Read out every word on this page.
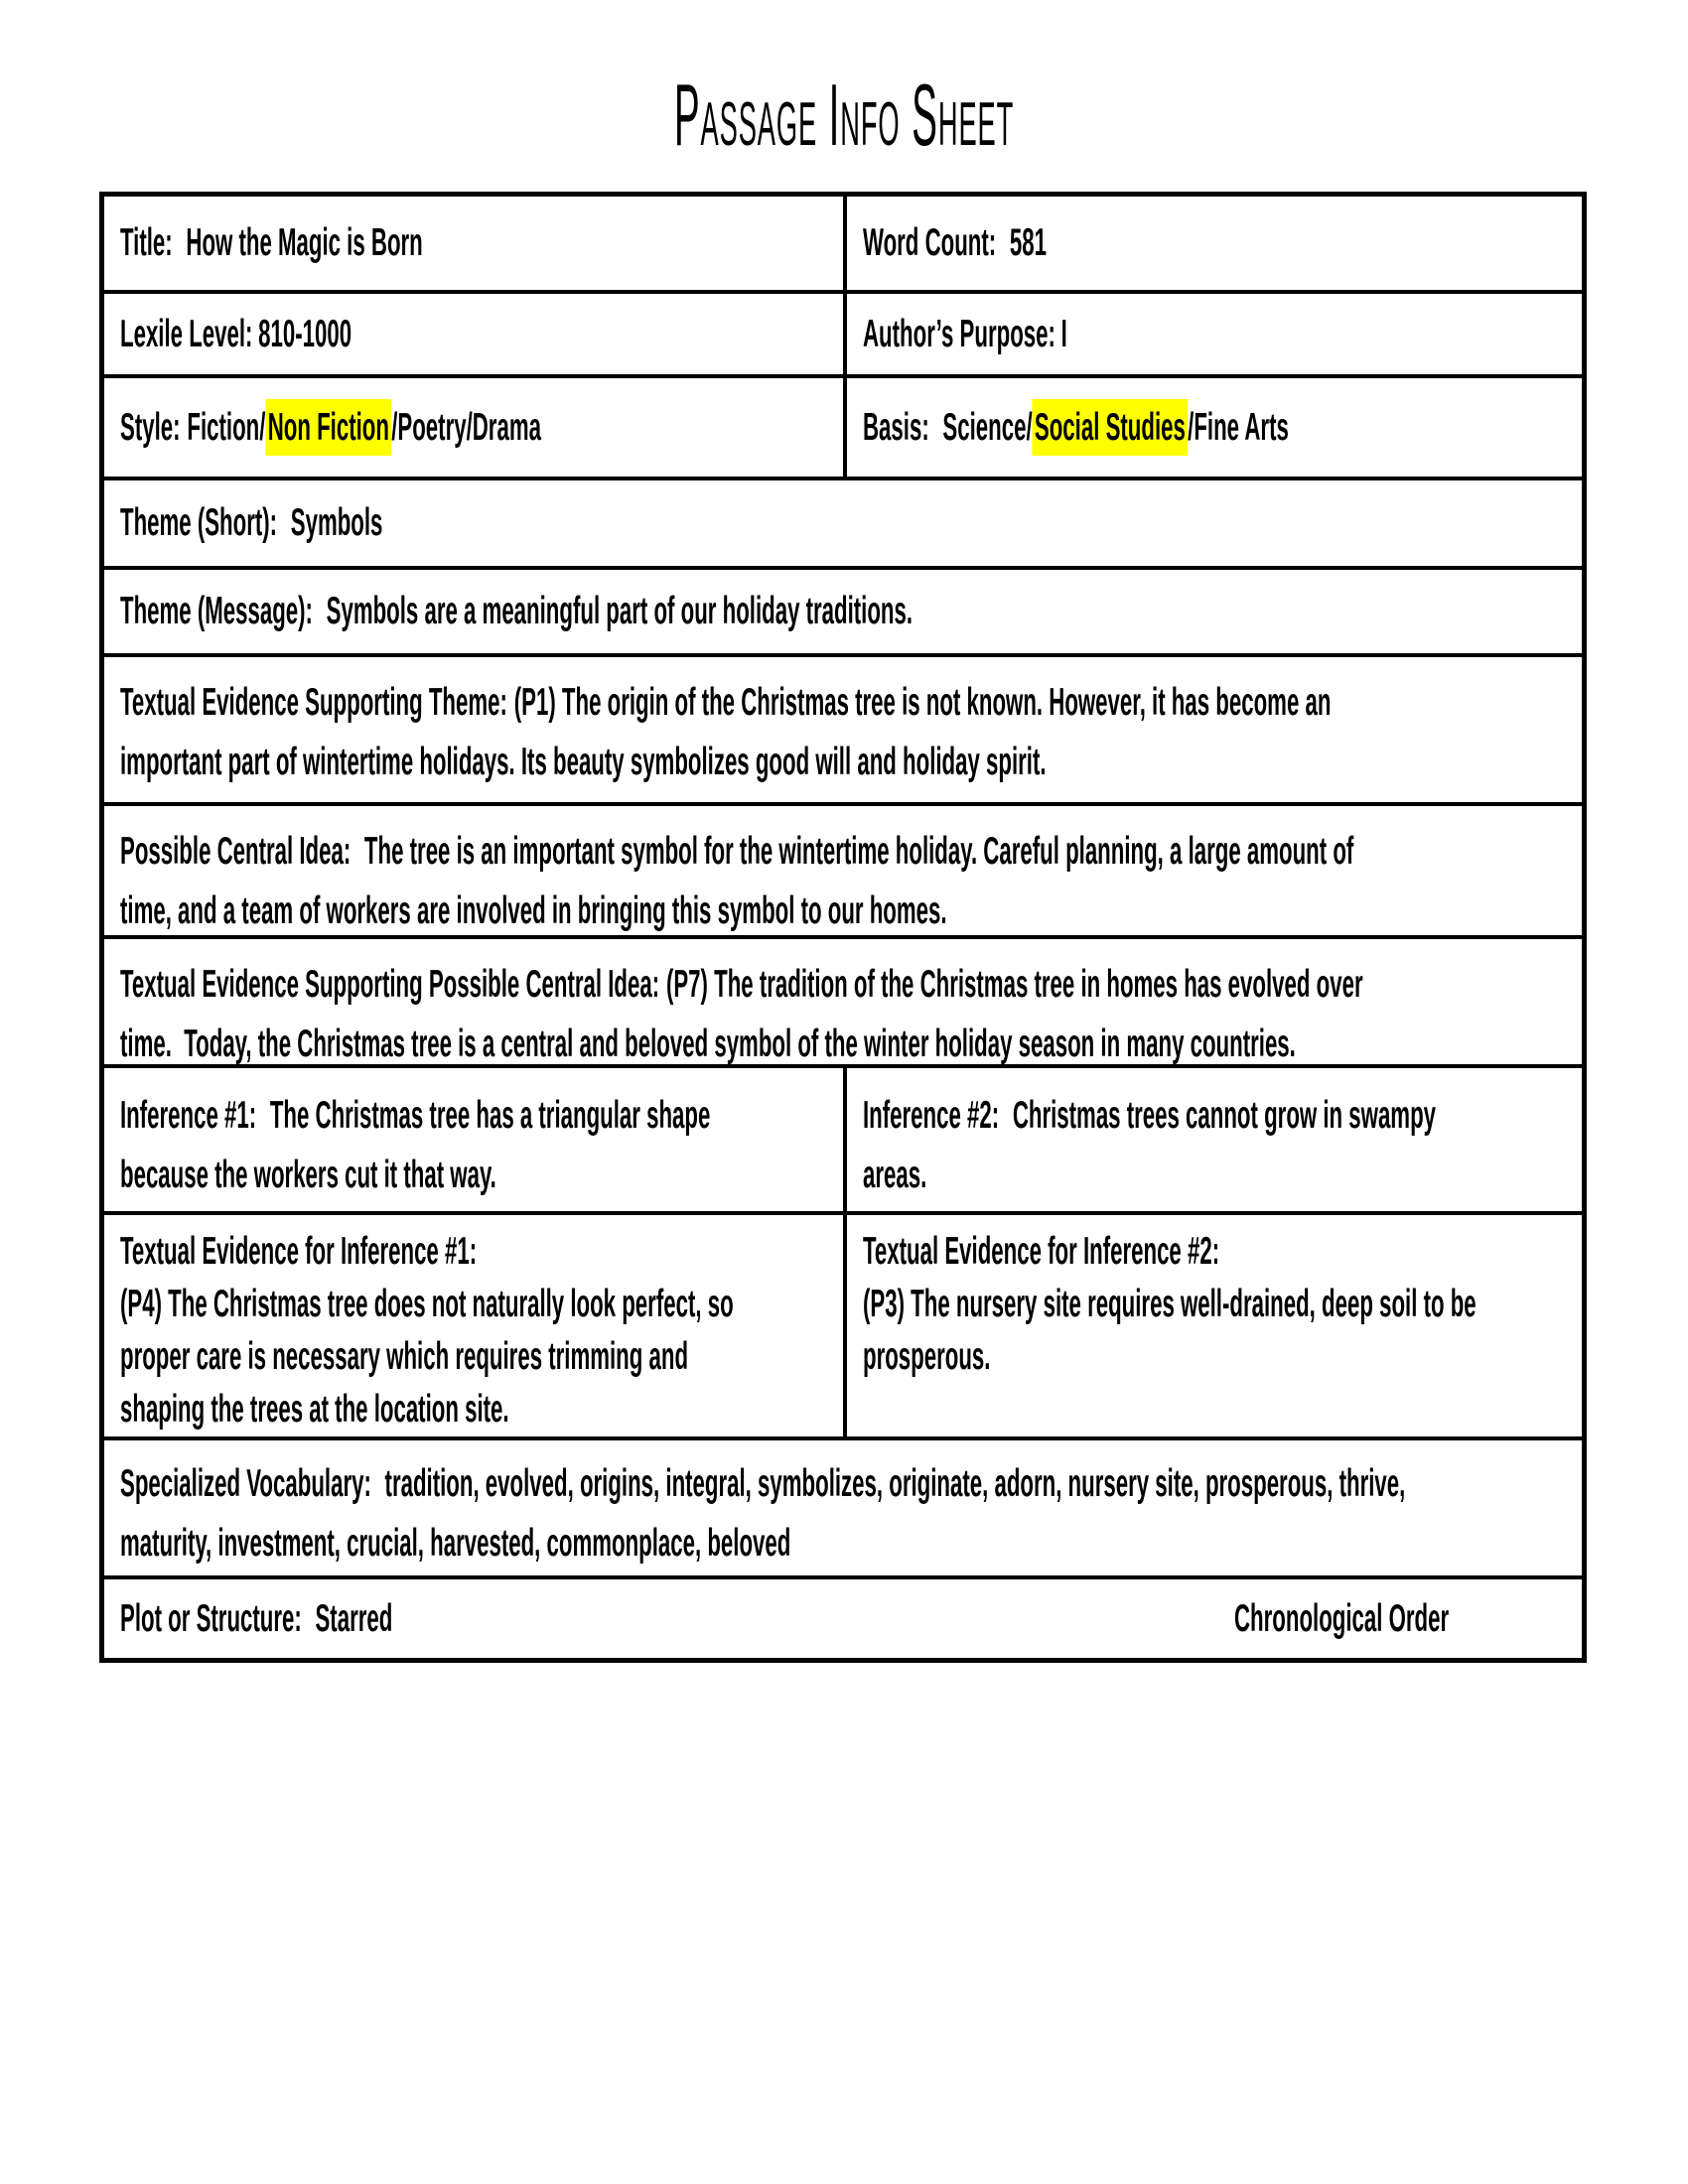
Passage Info Sheet
Title: How the Magic is Born	Word Count: 581
Lexile Level: 810-1000	Author’s Purpose: I
Style: Fiction/Non Fiction/Poetry/Drama	Basis: Science/Social Studies/Fine Arts
Theme (Short): Symbols
Theme (Message): Symbols are a meaningful part of our holiday traditions.
Textual Evidence Supporting Theme: (P1) The origin of the Christmas tree is not known. However, it has become an
important part of wintertime holidays. Its beauty symbolizes good will and holiday spirit.
Possible Central Idea: The tree is an important symbol for the wintertime holiday. Careful planning, a large amount of
time, and a team of workers are involved in bringing this symbol to our homes.
Textual Evidence Supporting Possible Central Idea: (P7) The tradition of the Christmas tree in homes has evolved over
time.  Today, the Christmas tree is a central and beloved symbol of the winter holiday season in many countries.
Inference #1: The Christmas tree has a triangular shape
because the workers cut it that way.
Inference #2: Christmas trees cannot grow in swampy
areas.
Textual Evidence for Inference #1:
(P4) The Christmas tree does not naturally look perfect, so
proper care is necessary which requires trimming and
shaping the trees at the location site.
Textual Evidence for Inference #2:
(P3) The nursery site requires well-drained, deep soil to be
prosperous.
Specialized Vocabulary: tradition, evolved, origins, integral, symbolizes, originate, adorn, nursery site, prosperous, thrive,
maturity, investment, crucial, harvested, commonplace, beloved
Plot or Structure: Starred	Chronological Order
